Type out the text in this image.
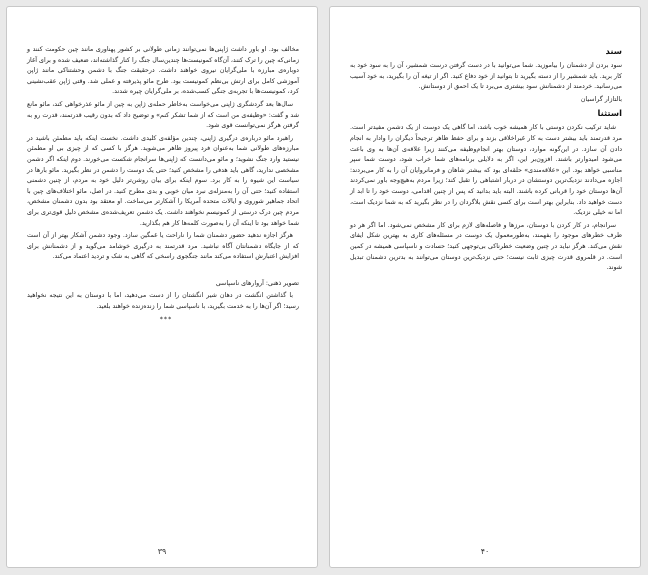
مخالف بود. او باور داشت ژاپنی‌ها نمی‌توانند زمانی طولانی بر کشور پهناوری مانند چین حکومت کنند و زمانی‌که چین را ترک کنند، آن‌گاه کمونیست‌ها چندین‌سال جنگ را کنار گذاشته‌اند، ضعیف شده و برای آغاز دوباره‌ی مبارزه با ملی‌گرایان نیروی خواهند داشت. درحقیقت جنگ با دشمن وحشتناکی مانند ژاپن آموزشی کامل برای ارتش بی‌نظم کمونیست بود. طرح مائو پذیرفته و عملی شد. وقتی ژاپن عقب‌نشینی کرد، کمونیست‌ها با تجربه‌ی جنگی کسب‌شده، بر ملی‌گرایان چیره شدند.

سال‌ها بعد گردشگری ژاپنی می‌خواست به‌خاطر حمله‌ی ژاپن به چین از مائو عذرخواهی کند، مائو مانع شد و گفت: «وظیفه‌ی من است که از شما تشکر کنم» و توضیح داد که بدون رقیب قدرتمند، قدرت رو به گرفتن هرگز نمی‌توانست قوی شود.

راهبرد مائو درباره‌ی درگیری ژاپنی، چندین مؤلفه‌ی کلیدی داشت. نخست اینکه باید مطمئن باشید در مبارزه‌های طولانی شما به‌عنوان فرد پیروز ظاهر می‌شوید. هرگز با کسی که از چیزی بی او مطمئن نیستید وارد جنگ نشوید؛ و مائو می‌دانست که ژاپنی‌ها سرانجام شکست می‌خورند. دوم اینکه اگر دشمن مشخصی ندارید، گاهی باید هدفی را مشخص کنید؛ حتی یک دوست را دشمن در نظر بگیرید. مائو بارها در سیاست این شیوه را به کار برد. سوم اینکه برای بیان روشن‌تر دلیل خود به مردم، از چنین دشمنی استفاده کنید؛ حتی آن را به‌منزله‌ی نبرد میان خوبی و بدی مطرح کنید. در اصل، مائو اختلاف‌های چین با اتحاد جماهیر شوروی و ایالات متحده آمریکا را آشکارتر می‌ساخت. او معتقد بود بدون دشمنان مشخص، مردم چین درک درستی از کمونیسم نخواهند داشت. یک دشمن تعریف‌شده‌ی مشخص دلیل قوی‌تری برای شما خواهد بود تا اینکه آن را به‌صورت کلمه‌ها کار هم بگذارید.

هرگز اجازه ندهید حضور دشمنان شما را ناراحت یا غمگین سازد. وجود دشمن آشکار بهتر از آن است که از جایگاه دشمنانتان آگاه نباشید. مرد قدرتمند به درگیری خوشامد می‌گوید و از دشمنانش برای افزایش اعتبارش استفاده می‌کند مانند جنگجوی راسخی که گاهی به شک و تردید اعتماد می‌کند.

تصویر ذهنی: آروارهای ناسپاسی

با گذاشتن انگشت در دهان شیر انگشتان را از دست می‌دهید، اما با دوستان به این نتیجه نخواهید رسید؛ اگر آن‌ها را به خدمت بگیرید، با ناسپاسی شما را زنده‌زنده خواهند بلعید.

***

۳۹
سند

سود بردن از دشمنان را بیاموزید. شما می‌توانید با در دست گرفتن درست شمشیر، آن را به سود خود به کار برید. باید شمشیر را از دسته بگیرید تا بتوانید از خود دفاع کنید. اگر از تیغه آن را بگیرید، به خود آسیب می‌رسانید. خردمند از دشمنانش سود بیشتری می‌برد تا یک احمق از دوستانش.

بالتازار گراسیان

استثنا

شاید ترکیب نکردن دوستی با کار همیشه خوب باشد، اما گاهی یک دوست از یک دشمن مفیدتر است. مرد قدرتمند باید بیشتر دست به کار غیراخلاقی بزند و برای حفظ ظاهر ترجیحاً دیگران را وادار به انجام دادن آن سازد. در این‌گونه موارد، دوستان بهتر انجام‌وظیفه می‌کنند زیرا علاقه‌ی آن‌ها به وی باعث می‌شود امیدوارتر باشند. افزون‌بر این، اگر به دلایلی برنامه‌های شما خراب شود، دوست شما سپر مناسبی خواهد بود. این «علاقه‌مندی» حلقه‌ای بود که بیشتر شاهان و فرمانروایان آن را به کار می‌بردند: اجازه می‌دادند نزدیک‌ترین دوستشان در دربار اشتباهی را تقبل کند؛ زیرا مردم به‌هیچ‌وجه باور نمی‌کردند آن‌ها دوستان خود را قربانی کرده باشند. البته باید بدانید که پس از چنین اقدامی، دوست خود را تا ابد از دست خواهید داد. بنابراین بهتر است برای کسی نقش بلاگردان را در نظر بگیرید که به شما نزدیک است، اما نه خیلی نزدیک.

سرانجام، در کار کردن با دوستان، مرزها و فاصله‌های لازم برای کار مشخص نمی‌شود. اما اگر هر دو طرف خطرهای موجود را بفهمند، به‌طورمعمول یک دوست در مسئله‌های کاری به بهترین شکل ایفای نقش می‌کند. هرگز نباید در چنین وضعیت خطرناکی بی‌توجهی کنید؛ حسادت و ناسپاسی همیشه در کمین است. در قلمروی قدرت چیزی ثابت نیست؛ حتی نزدیک‌ترین دوستان می‌توانند به بدترین دشمنان تبدیل شوند.

۴۰
